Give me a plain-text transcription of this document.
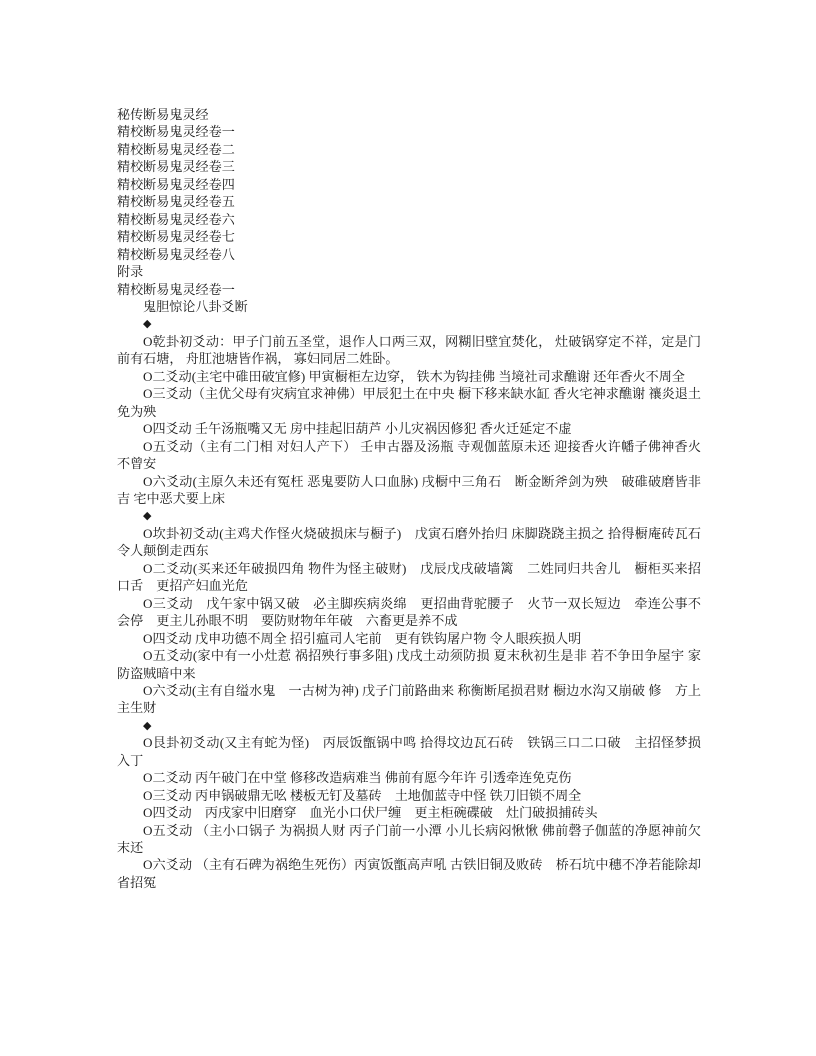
秘传断易鬼灵经

精校断易鬼灵经卷一

精校断易鬼灵经卷二

精校断易鬼灵经卷三

精校断易鬼灵经卷四

精校断易鬼灵经卷五

精校断易鬼灵经卷六

精校断易鬼灵经卷七

精校断易鬼灵经卷八

附录

精校断易鬼灵经卷一

鬼胆惊论八卦爻断

◆

O乾卦初爻动：甲子门前五圣堂，退作人口两三双，网糊旧壁宜焚化， 灶破锅穿定不祥，定是门前有石塘， 舟肛池塘皆作祸， 寡妇同居二姓卧。

O二爻动(主宅中碓田破宜修) 甲寅橱柜左边穿， 铁木为钩挂佛 当境社司求醮谢 还年香火不周全

O三爻动（主优父母有灾病宜求神佛）甲辰犯土在中央 橱下移来缺水缸 香火宅神求醮谢 禳炎退土免为殃

O四爻动 壬午汤瓶嘴又无 房中挂起旧葫芦 小儿灾祸因修犯 香火迁延定不虚

O五爻动（主有二门相 对妇人产下） 壬申古器及汤瓶 寺观伽蓝原未还 迎接香火许幡子佛神香火不曾安

O六爻动(主原久未还有冤枉 恶鬼要防人口血脉) 戌橱中三角石　断金断斧剑为殃　破碓破磨皆非吉 宅中恶犬要上床

◆

O坎卦初爻动(主鸡犬作怪火烧破损床与橱子)　戊寅石磨外抬归 床脚跷跷主损之 拾得橱庵砖瓦石 令人颠倒走西东

O二爻动(买来还年破损四角 物件为怪主破财)　戊辰戊戌破墙篱　二姓同归共舍儿　橱柜买来招口舌　更招产妇血光危

O三爻动　戊午家中锅又破　必主脚疾病炎绵　更招曲背驼腰子　火节一双长短边　牵连公事不会停　更主儿孙眼不明　要防财物年年破　六畜更是养不成

O四爻动 戊申功德不周全 招引瘟司人宅前　更有铁钩屠户物 令人眼疾损人明

O五爻动(家中有一小灶惹 祸招殃行事多阻) 戊戌土动须防损 夏末秋初生是非 若不争田争屋宇 家防盗贼暗中来

O六爻动(主有自缢水鬼　一古树为神) 戊子门前路曲来 称衡断尾损君财 橱边水沟又崩破 修　方上主生财

◆

O艮卦初爻动(又主有蛇为怪)　丙辰饭甑锅中鸣 拾得坟边瓦石砖　铁锅三口二口破　主招怪梦损入丁

O二爻动 丙午破门在中堂 修移改造病难当 佛前有愿今年许 引透牵连免克伤

O三爻动 丙申锅破鼎无吆 楼板无钉及墓砖　土地伽蓝寺中怪 铁刀旧锁不周全

O四爻动　丙戌家中旧磨穿　血光小口伏尸缠　更主柜碗碟破　灶门破损捕砖头

O五爻动 （主小口锅子 为祸损人财 丙子门前一小潭 小儿长病闷愀愀 佛前磬子伽蓝的净愿神前欠末还

O六爻动 （主有石碑为祸绝生死伤）丙寅饭甑高声吼 古铁旧铜及败砖　桥石坑中穗不净若能除却省招冤
